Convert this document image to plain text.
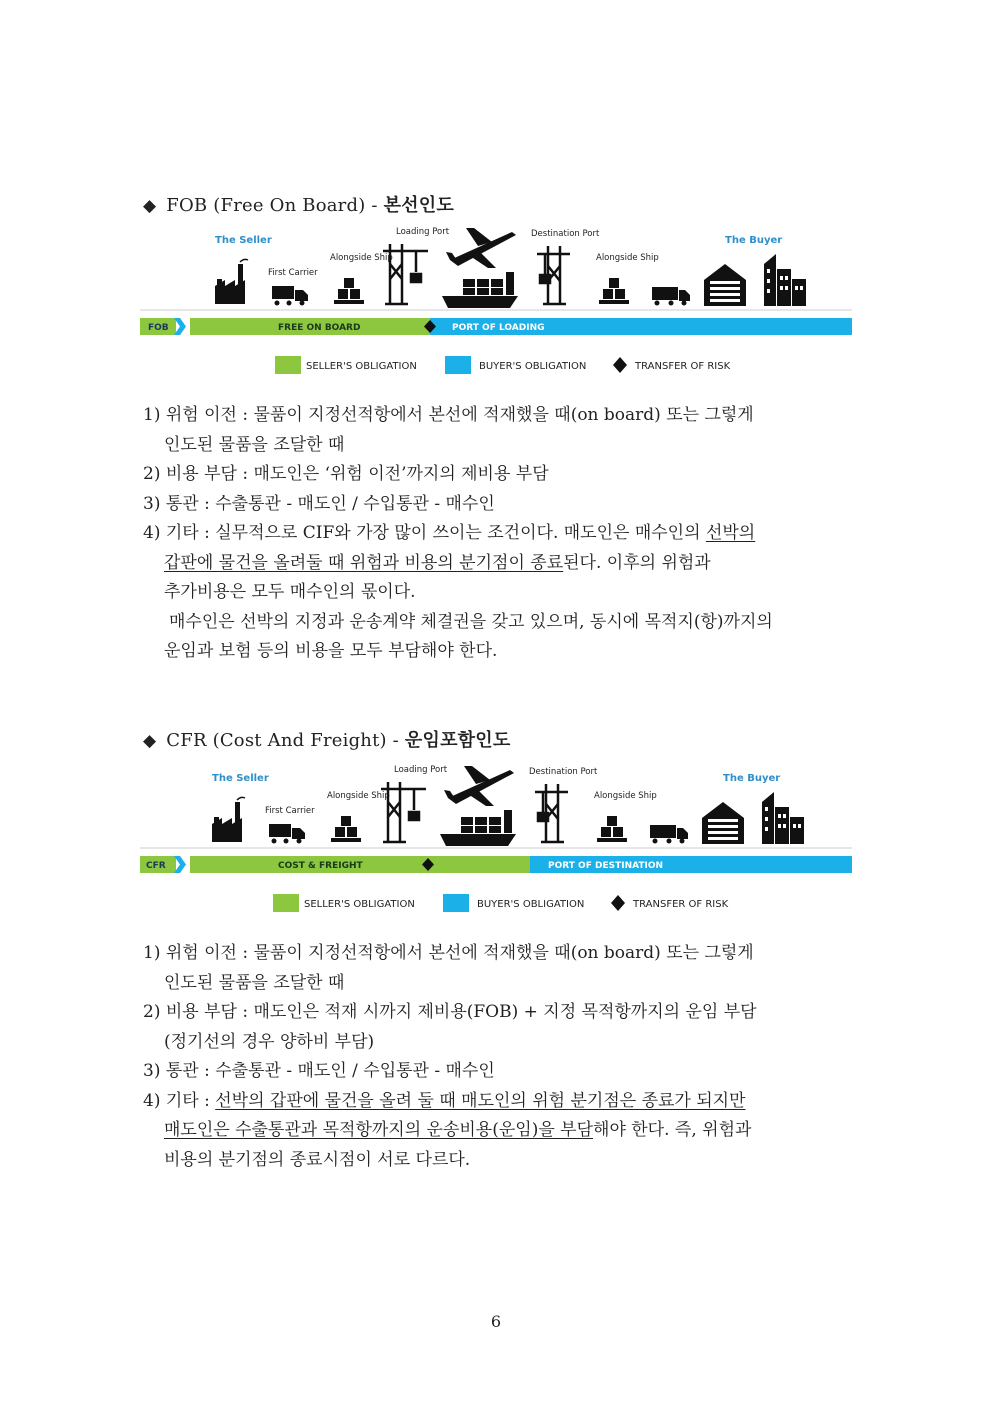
◆ FOB (Free On Board) - 본선인도
The Seller
First Carrier
Alongside Ship
Loading Port	Destination Port
Alongside Ship
The Buyer
FOB	FREE ON BOARD	PORT OF LOADING
SELLER'S OBLIGATION	BUYER'S OBLIGATION	TRANSFER OF RISK

1) 위험 이전 : 물품이 지정선적항에서 본선에 적재했을 때(on board) 또는 그렇게

인도된 물품을 조달한 때

2) 비용 부담 : 매도인은 ‘위험 이전’까지의 제비용 부담

3) 통관 : 수출통관 - 매도인 / 수입통관 - 매수인

4) 기타 : 실무적으로 CIF와 가장 많이 쓰이는 조건이다. 매도인은 매수인의 선박의

갑판에 물건을 올려둘 때 위험과 비용의 분기점이 종료된다. 이후의 위험과

추가비용은 모두 매수인의 몫이다.

매수인은 선박의 지정과 운송계약 체결권을 갖고 있으며, 동시에 목적지(항)까지의

운임과 보험 등의 비용을 모두 부담해야 한다.

◆ CFR (Cost And Freight) - 운임포함인도
The Seller
First Carrier
Alongside Ship
Loading Port	Destination Port
Alongside Ship
The Buyer
CFR	COST & FREIGHT	PORT OF DESTINATION
SELLER'S OBLIGATION	BUYER'S OBLIGATION	TRANSFER OF RISK

1) 위험 이전 : 물품이 지정선적항에서 본선에 적재했을 때(on board) 또는 그렇게

인도된 물품을 조달한 때

2) 비용 부담 : 매도인은 적재 시까지 제비용(FOB) + 지정 목적항까지의 운임 부담

(정기선의 경우 양하비 부담)

3) 통관 : 수출통관 - 매도인 / 수입통관 - 매수인

4) 기타 : 선박의 갑판에 물건을 올려 둘 때 매도인의 위험 분기점은 종료가 되지만

매도인은 수출통관과 목적항까지의 운송비용(운임)을 부담해야 한다. 즉, 위험과

비용의 분기점의 종료시점이 서로 다르다.

6
